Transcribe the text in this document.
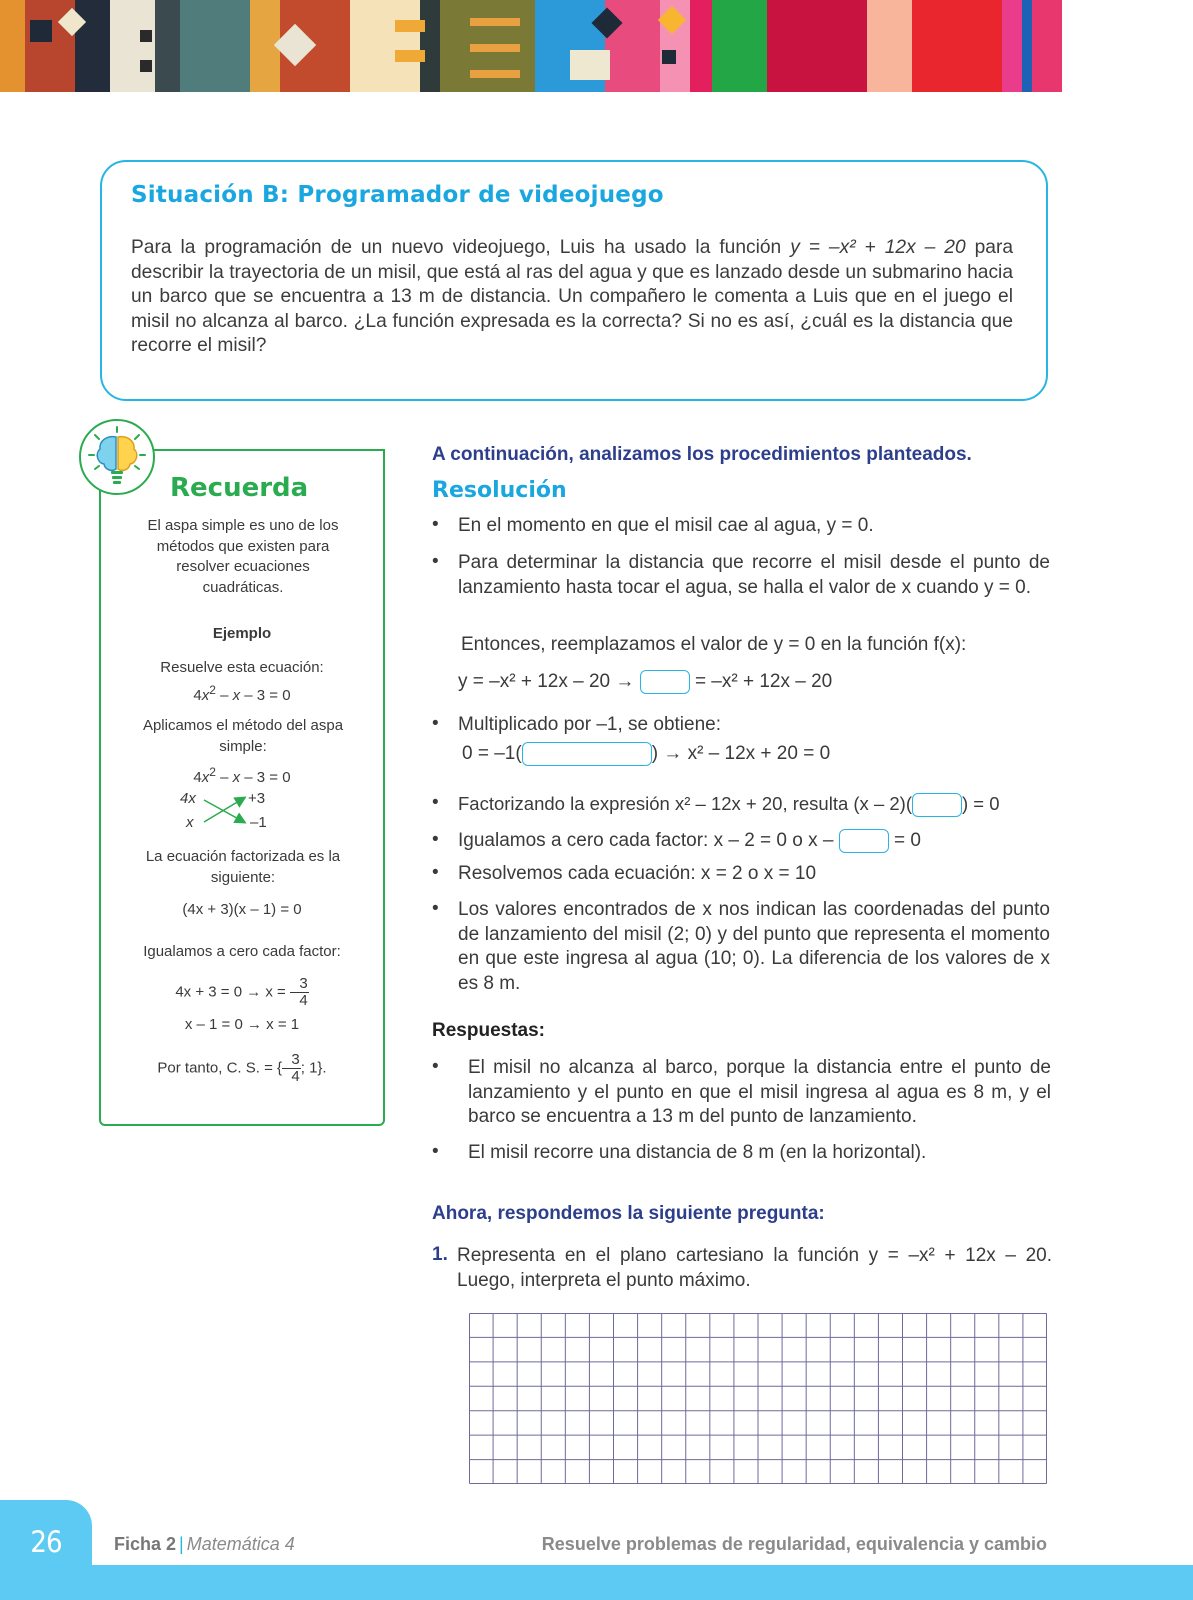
Situación B: Programador de videojuego
Para la programación de un nuevo videojuego, Luis ha usado la función y = –x² + 12x – 20 para describir la trayectoria de un misil, que está al ras del agua y que es lanzado desde un submarino hacia un barco que se encuentra a 13 m de distancia. Un compañero le comenta a Luis que en el juego el misil no alcanza al barco. ¿La función expresada es la correcta? Si no es así, ¿cuál es la distancia que recorre el misil?
Recuerda
El aspa simple es uno de los métodos que existen para resolver ecuaciones cuadráticas.
Ejemplo
Resuelve esta ecuación:
$4x^2 - x - 3 = 0$
Aplicamos el método del aspa simple:
$4x^2 - x - 3 = 0$
4x	+3
x	–1
La ecuación factorizada es la siguiente:
(4x + 3)(x – 1) = 0
Igualamos a cero cada factor:
4x + 3 = 0 → x = – $\frac{3}{4}$
x – 1 = 0 → x = 1
Por tanto, C. S. = {– $\frac{3}{4}$ ; 1}.
A continuación, analizamos los procedimientos planteados.
Resolución
• En el momento en que el misil cae al agua, y = 0.
• Para determinar la distancia que recorre el misil desde el punto de lanzamiento hasta tocar el agua, se halla el valor de x cuando y = 0.
Entonces, reemplazamos el valor de y = 0 en la función f(x):
y = –x² + 12x – 20 →	= –x² + 12x – 20
• Multiplicado por –1, se obtiene:
0 = –1(	) → x² – 12x + 20 = 0
• Factorizando la expresión x² – 12x + 20, resulta (x – 2)(	) = 0
• Igualamos a cero cada factor: x – 2 = 0 o x –	= 0
• Resolvemos cada ecuación: x = 2 o x = 10
• Los valores encontrados de x nos indican las coordenadas del punto de lanzamiento del misil (2; 0) y del punto que representa el momento en que este ingresa al agua (10; 0). La diferencia de los valores de x es 8 m.
Respuestas:
• El misil no alcanza al barco, porque la distancia entre el punto de lanzamiento y el punto en que el misil ingresa al agua es 8 m, y el barco se encuentra a 13 m del punto de lanzamiento.
• El misil recorre una distancia de 8 m (en la horizontal).
Ahora, respondemos la siguiente pregunta:
1. Representa en el plano cartesiano la función y = –x² + 12x – 20. Luego, interpreta el punto máximo.
26	Ficha 2 | Matemática 4	Resuelve problemas de regularidad, equivalencia y cambio
